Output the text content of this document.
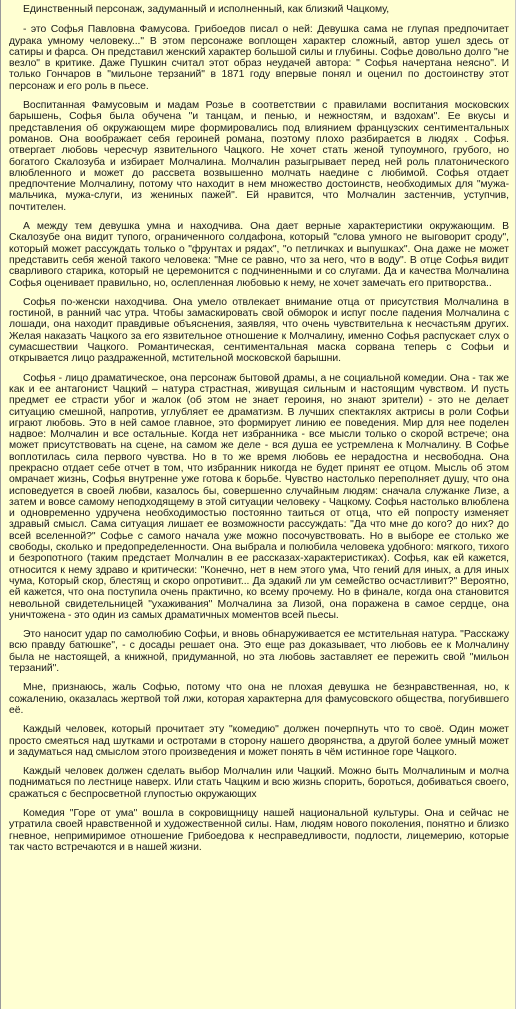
Единственный персонаж, задуманный и исполненный, как близкий Чацкому,

- это Софья Павловна Фамусова. Грибоедов писал о ней: Девушка сама не глупая предпочитает дурака умному человеку..." В этом персонаже воплощен характер сложный, автор ушел здесь от сатиры и фарса. Он представил женский характер большой силы и глубины. Софье довольно долго "не везло" в критике. Даже Пушкин считал этот образ неудачей автора: " Софья начертана неясно". И только Гончаров в "мильоне терзаний" в 1871 году впервые понял и оценил по достоинству этот персонаж и его роль в пьесе.

Воспитанная Фамусовым и мадам Розье в соответствии с правилами воспитания московских барышень, Софья была обучена "и танцам, и пенью, и нежностям, и вздохам". Ее вкусы и представления об окружающем мире формировались под влиянием французских сентиментальных романов. Она воображает себя героиней романа, поэтому плохо разбирается в людях . Софья. отвергает любовь чересчур язвительного Чацкого. Не хочет стать женой тупоумного, грубого, но богатого Скалозуба и избирает Молчалина. Молчалин разыгрывает перед ней роль платонического влюбленного и может до рассвета возвышенно молчать наедине с любимой. Софья отдает предпочтение Молчалину, потому что находит в нем множество достоинств, необходимых для "мужа-мальчика, мужа-слуги, из жениных пажей". Ей нравится, что Молчалин застенчив, уступчив, почтителен.

А между тем девушка умна и находчива. Она дает верные характеристики окружающим. В Скалозубе она видит тупого, ограниченного солдафона, который "слова умного не выговорит сроду", который может рассуждать только о "фрунтах и рядах", "о петличках и выпушках". Она даже не может представить себя женой такого человека: "Мне се равно, что за него, что в воду". В отце Софья видит сварливого старика, который не церемонится с подчиненными и со слугами. Да и качества Молчалина Софья оценивает правильно, но, ослепленная любовью к нему, не хочет замечать его притворства..

Софья по-женски находчива. Она умело отвлекает внимание отца от присутствия Молчалина в гостиной, в ранний час утра. Чтобы замаскировать свой обморок и испуг после падения Молчалина с лошади, она находит правдивые объяснения, заявляя, что очень чувствительна к несчастьям других. Желая наказать Чацкого за его язвительное отношение к Молчалину, именно Софья распускает слух о сумасшествии Чацкого. Романтическая, сентиментальная маска сорвана теперь с Софьи и открывается лицо раздраженной, мстительной московской барышни.

Софья - лицо драматическое, она персонаж бытовой драмы, а не социальной комедии. Она - так же как и ее антагонист Чацкий – натура страстная, живущая сильным и настоящим чувством. И пусть предмет ее страсти убог и жалок (об этом не знает героиня, но знают зрители) - это не делает ситуацию смешной, напротив, углубляет ее драматизм. В лучших спектаклях актрисы в роли Софьи играют любовь. Это в ней самое главное, это формирует линию ее поведения. Мир для нее поделен надвое: Молчалин и все остальные. Когда нет избранника - все мысли только о скорой встрече; она может присутствовать на сцене, на самом же деле - вся душа ее устремлена к Молчалину. В Софье воплотилась сила первого чувства. Но в то же время любовь ее нерадостна и несвободна. Она прекрасно отдает себе отчет в том, что избранник никогда не будет принят ее отцом. Мысль об этом омрачает жизнь, Софья внутренне уже готова к борьбе. Чувство настолько переполняет душу, что она исповедуется в своей любви, казалось бы, совершенно случайным людям: сначала служанке Лизе, а затем и вовсе самому неподходящему в этой ситуации человеку - Чацкому. Софья настолько влюблена и одновременно удручена необходимостью постоянно таиться от отца, что ей попросту изменяет здравый смысл. Сама ситуация лишает ее возможности рассуждать: "Да что мне до кого? до них? до всей вселенной?" Софье с самого начала уже можно посочувствовать. Но в выборе ее столько же свободы, сколько и предопределенности. Она выбрала и полюбила человека удобного: мягкого, тихого и безропотного (таким предстает Молчалин в ее рассказах-характеристиках). Софья, как ей кажется, относится к нему здраво и критически: "Конечно, нет в нем этого ума, Что гений для иных, а для иных чума, Который скор, блестящ и скоро опротивит... Да эдакий ли ум семейство осчастливит?" Вероятно, ей кажется, что она поступила очень практично, ко всему прочему. Но в финале, когда она становится невольной свидетельницей "ухаживания" Молчалина за Лизой, она поражена в самое сердце, она уничтожена - это один из самых драматичных моментов всей пьесы.

Это наносит удар по самолюбию Софьи, и вновь обнаруживается ее мстительная натура. "Расскажу всю правду батюшке", - с досады решает она. Это еще раз доказывает, что любовь ее к Молчалину была не настоящей, а книжной, придуманной, но эта любовь заставляет ее пережить свой "мильон терзаний".

Мне, признаюсь, жаль Софью, потому что она не плохая девушка не безнравственная, но, к сожалению, оказалась жертвой той лжи, которая характерна для фамусовского общества, погубившего её.

Каждый человек, который прочитает эту "комедию" должен почерпнуть что то своё. Один может просто смеяться над шутками и остротами в сторону нашего дворянства, а другой более умный может и задуматься над смыслом этого произведения и может понять в чём истинное горе Чацкого.

Каждый человек должен сделать выбор Молчалин или Чацкий. Можно быть Молчалиным и молча подниматься по лестнице наверх. Или стать Чацким и всю жизнь спорить, бороться, добиваться своего, сражаться с беспросветной глупостью окружающих

Комедия "Горе от ума" вошла в сокровищницу нашей национальной культуры. Она и сейчас не утратила своей нравственной и художественной силы. Нам, людям нового поколения, понятно и близко гневное, непримиримое отношение Грибоедова к несправедливости, подлости, лицемерию, которые так часто встречаются и в нашей жизни.
